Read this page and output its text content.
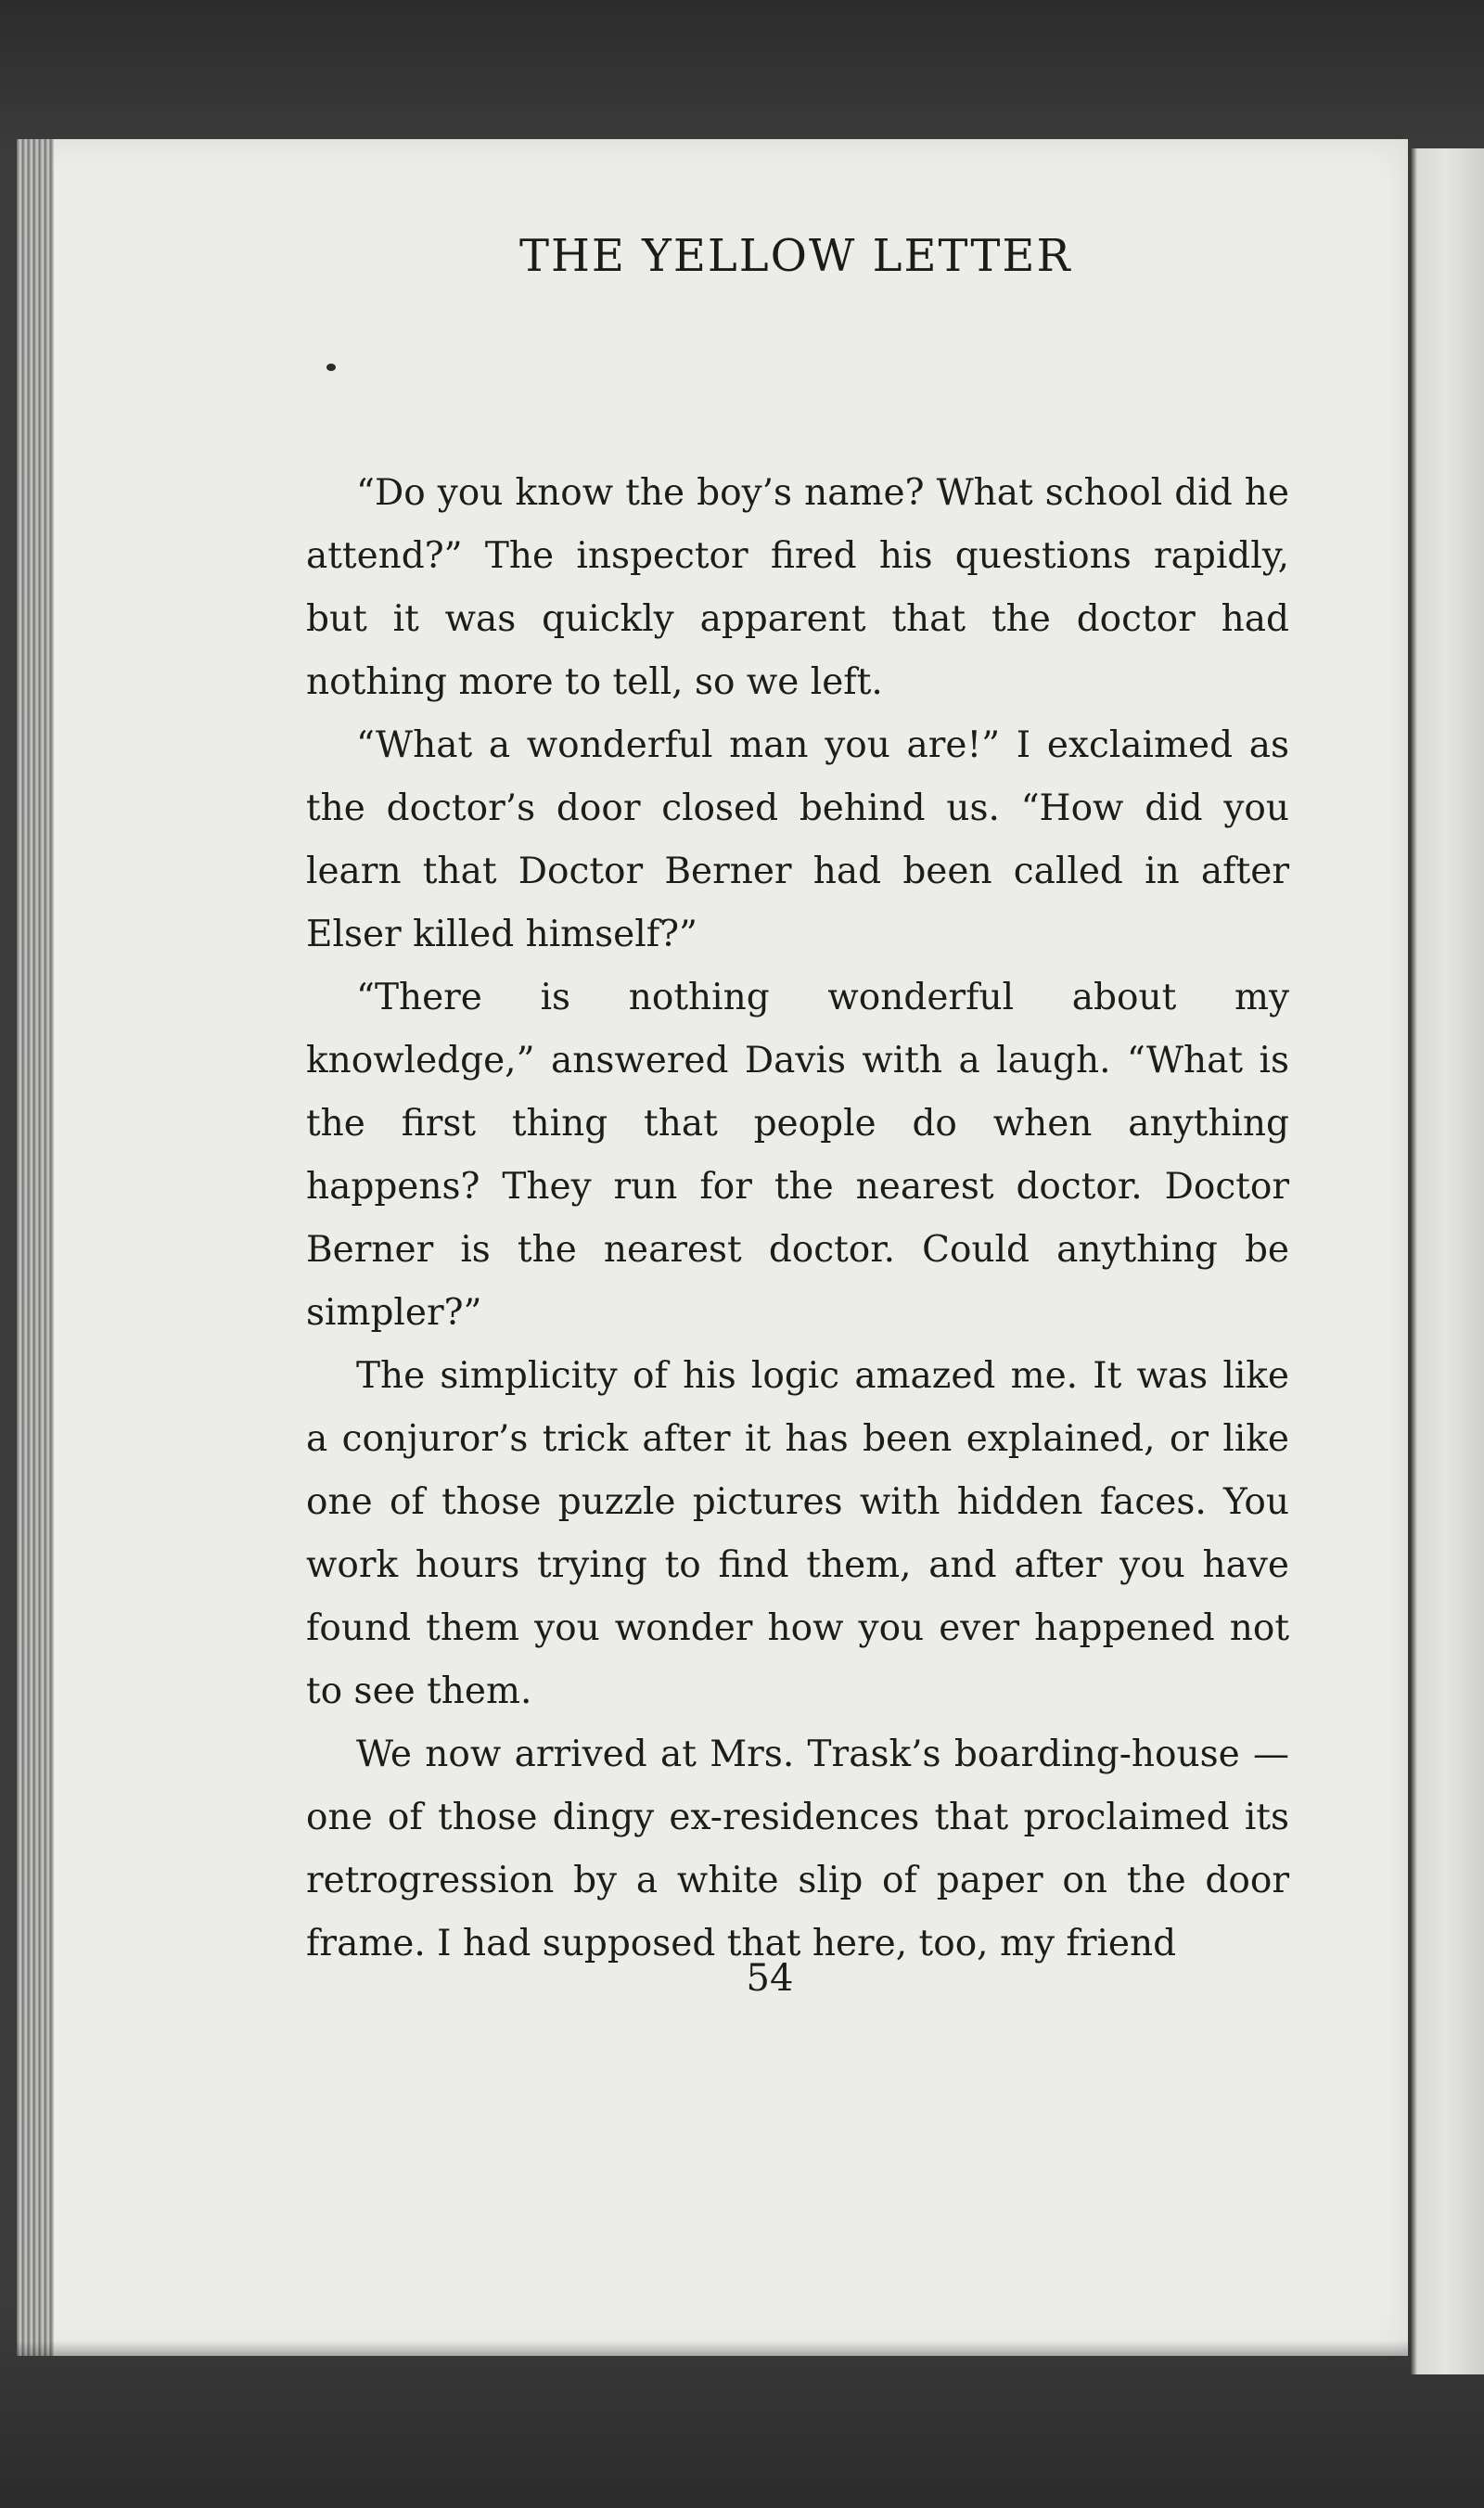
THE YELLOW LETTER

“Do you know the boy’s name? What school did he attend?” The inspector fired his questions rapidly, but it was quickly apparent that the doctor had nothing more to tell, so we left.

“What a wonderful man you are!” I exclaimed as the doctor’s door closed behind us. “How did you learn that Doctor Berner had been called in after Elser killed himself?”

“There is nothing wonderful about my knowledge,” answered Davis with a laugh. “What is the first thing that people do when anything happens? They run for the nearest doctor. Doctor Berner is the nearest doctor. Could anything be simpler?”

The simplicity of his logic amazed me. It was like a conjuror’s trick after it has been explained, or like one of those puzzle pictures with hidden faces. You work hours trying to find them, and after you have found them you wonder how you ever happened not to see them.

We now arrived at Mrs. Trask’s boarding-house —one of those dingy ex-residences that proclaimed its retrogression by a white slip of paper on the door frame. I had supposed that here, too, my friend

54
